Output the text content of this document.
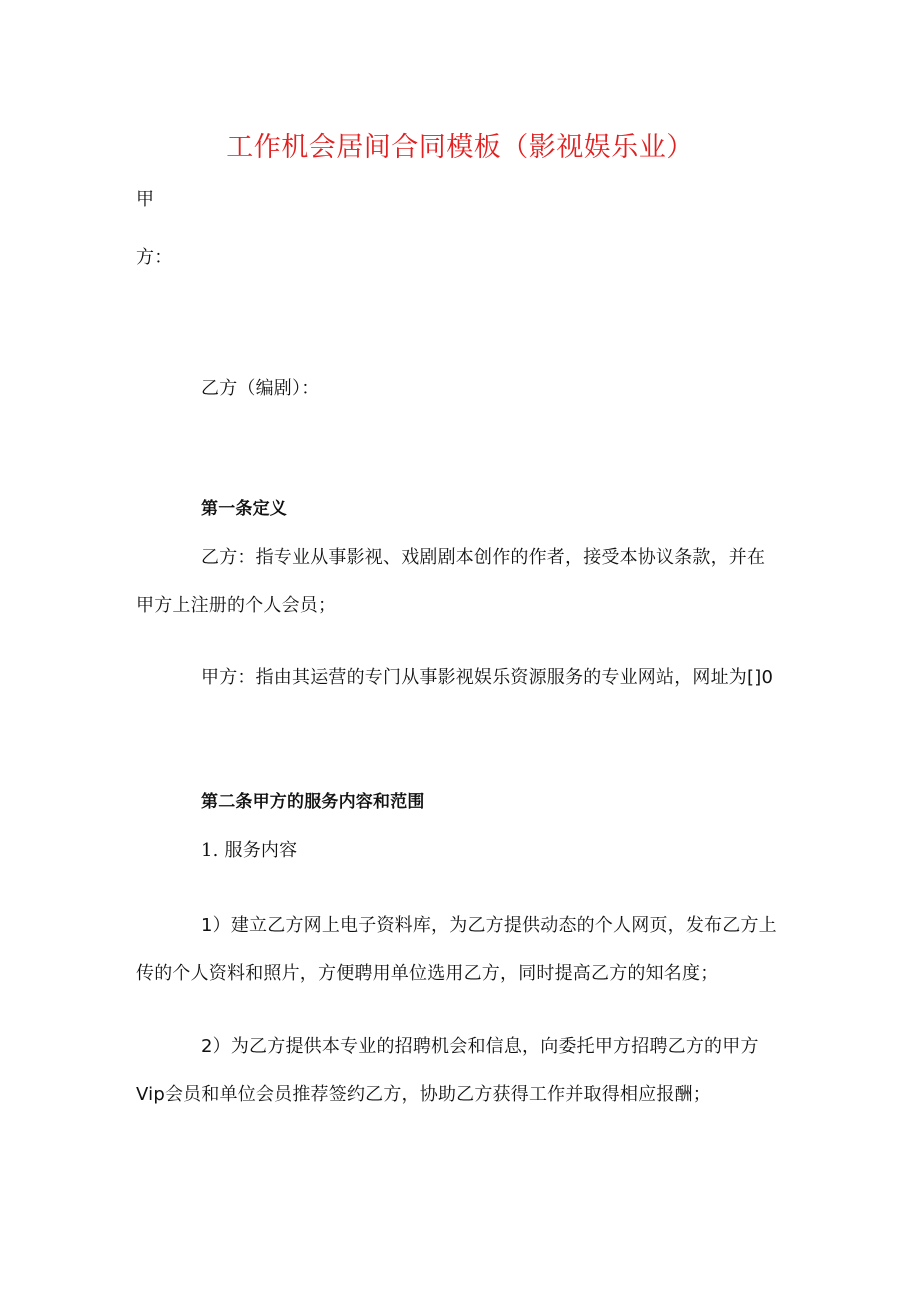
工作机会居间合同模板（影视娱乐业）
甲
方：
乙方（编剧）：
第一条定义
乙方：指专业从事影视、戏剧剧本创作的作者，接受本协议条款，并在
甲方上注册的个人会员；
甲方：指由其运营的专门从事影视娱乐资源服务的专业网站，网址为[]0
第二条甲方的服务内容和范围
1. 服务内容
1）建立乙方网上电子资料库，为乙方提供动态的个人网页，发布乙方上
传的个人资料和照片，方便聘用单位选用乙方，同时提高乙方的知名度；
2）为乙方提供本专业的招聘机会和信息，向委托甲方招聘乙方的甲方
Vip会员和单位会员推荐签约乙方，协助乙方获得工作并取得相应报酬；
